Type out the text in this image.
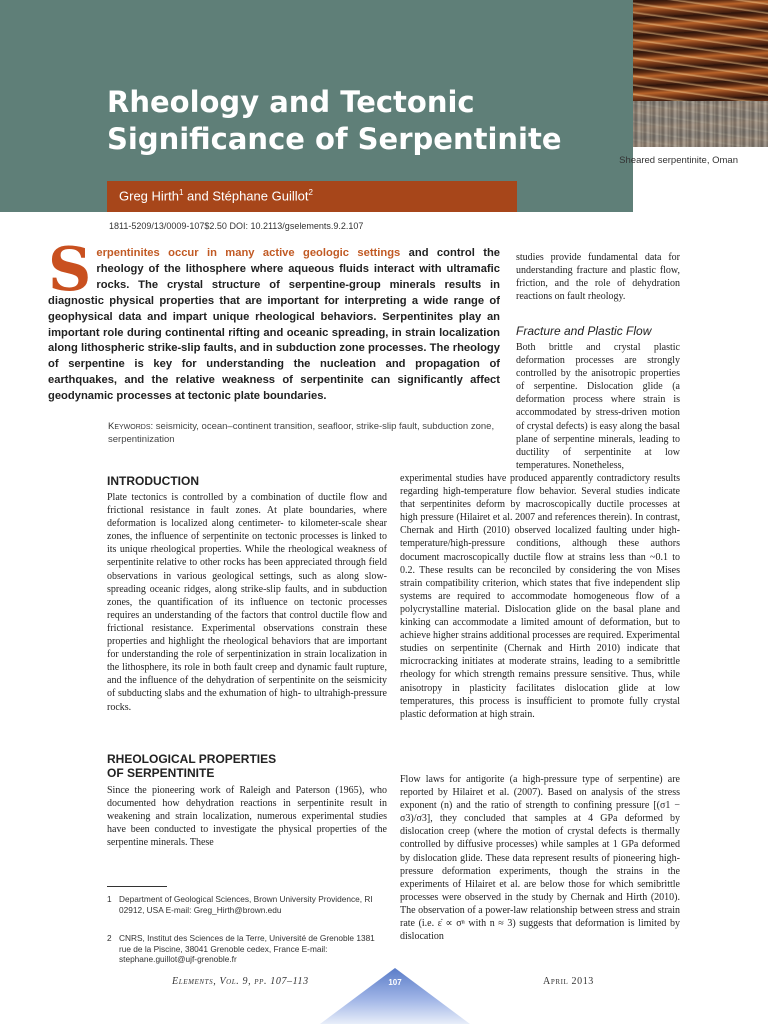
Sheared serpentinite, Oman
Rheology and Tectonic Significance of Serpentinite
Greg Hirth$^1$ and Stéphane Guillot$^2$
1811-5209/13/0009-107$2.50 DOI: 10.2113/gselements.9.2.107
Serpentinites occur in many active geologic settings and control the rheology of the lithosphere where aqueous fluids interact with ultramafic rocks. The crystal structure of serpentine-group minerals results in diagnostic physical properties that are important for interpreting a wide range of geophysical data and impart unique rheological behaviors. Serpentinites play an important role during continental rifting and oceanic spreading, in strain localization along lithospheric strike-slip faults, and in subduction zone processes. The rheology of serpentine is key for understanding the nucleation and propagation of earthquakes, and the relative weakness of serpentinite can significantly affect geodynamic processes at tectonic plate boundaries.
Keywords: seismicity, ocean–continent transition, seafloor, strike-slip fault, subduction zone, serpentinization
studies provide fundamental data for understanding fracture and plastic flow, friction, and the role of dehydration reactions on fault rheology.
Fracture and Plastic Flow
Both brittle and crystal plastic deformation processes are strongly controlled by the anisotropic properties of serpentine. Dislocation glide (a deformation process where strain is accommodated by stress-driven motion of crystal defects) is easy along the basal plane of serpentine minerals, leading to ductility of serpentinite at low temperatures. Nonetheless,
INTRODUCTION
Plate tectonics is controlled by a combination of ductile flow and frictional resistance in fault zones. At plate boundaries, where deformation is localized along centimeter- to kilometer-scale shear zones, the influence of serpentinite on tectonic processes is linked to its unique rheological properties. While the rheological weakness of serpentinite relative to other rocks has been appreciated through field observations in various geological settings, such as along slow-spreading oceanic ridges, along strike-slip faults, and in subduction zones, the quantification of its influence on tectonic processes requires an understanding of the factors that control ductile flow and frictional resistance. Experimental observations constrain these properties and highlight the rheological behaviors that are important for understanding the role of serpentinization in strain localization in the lithosphere, its role in both fault creep and dynamic fault rupture, and the influence of the dehydration of serpentinite on the seismicity of subducting slabs and the exhumation of high- to ultrahigh-pressure rocks.
RHEOLOGICAL PROPERTIES
OF SERPENTINITE
Since the pioneering work of Raleigh and Paterson (1965), who documented how dehydration reactions in serpentinite result in weakening and strain localization, numerous experimental studies have been conducted to investigate the physical properties of the serpentine minerals. These
experimental studies have produced apparently contradictory results regarding high-temperature flow behavior. Several studies indicate that serpentinites deform by macroscopically ductile processes at high pressure (Hilairet et al. 2007 and references therein). In contrast, Chernak and Hirth (2010) observed localized faulting under high-temperature/high-pressure conditions, although these authors document macroscopically ductile flow at strains less than ~0.1 to 0.2. These results can be reconciled by considering the von Mises strain compatibility criterion, which states that five independent slip systems are required to accommodate homogeneous flow of a polycrystalline material. Dislocation glide on the basal plane and kinking can accommodate a limited amount of deformation, but to achieve higher strains additional processes are required. Experimental studies on serpentinite (Chernak and Hirth 2010) indicate that microcracking initiates at moderate strains, leading to a semibrittle rheology for which strength remains pressure sensitive. Thus, while anisotropy in plasticity facilitates dislocation glide at low temperatures, this process is insufficient to promote fully crystal plastic deformation at high strain.
Flow laws for antigorite (a high-pressure type of serpentine) are reported by Hilairet et al. (2007). Based on analysis of the stress exponent (n) and the ratio of strength to confining pressure [(σ1 − σ3)/σ3], they concluded that samples at 4 GPa deformed by dislocation creep (where the motion of crystal defects is thermally controlled by diffusive processes) while samples at 1 GPa deformed by dislocation glide. These data represent results of pioneering high-pressure deformation experiments, though the strains in the experiments of Hilairet et al. are below those for which semibrittle processes were observed in the study by Chernak and Hirth (2010). The observation of a power-law relationship between stress and strain rate (i.e. ε̇ ∝ σⁿ with n ≈ 3) suggests that deformation is limited by dislocation
1 Department of Geological Sciences, Brown University Providence, RI 02912, USA E-mail: Greg_Hirth@brown.edu
2 CNRS, Institut des Sciences de la Terre, Université de Grenoble 1381 rue de la Piscine, 38041 Grenoble cedex, France E-mail: stephane.guillot@ujf-grenoble.fr
Elements, Vol. 9, pp. 107–113	107	April 2013
